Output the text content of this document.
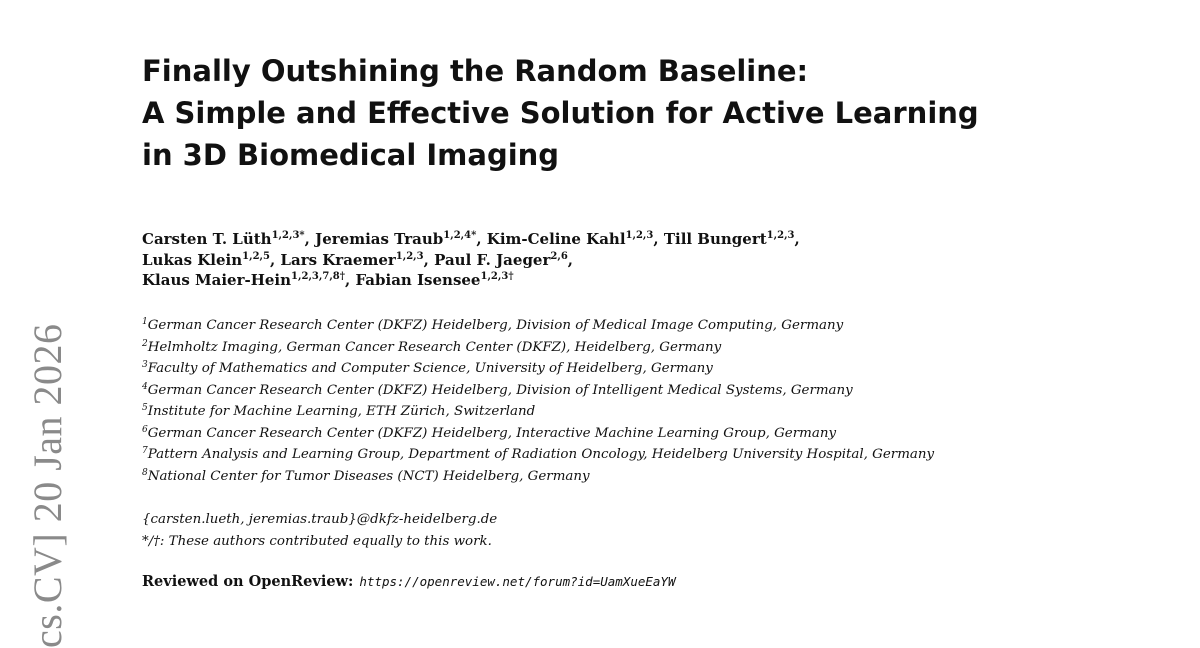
cs.CV] 20 Jan 2026
Finally Outshining the Random Baseline:
A Simple and Effective Solution for Active Learning
in 3D Biomedical Imaging
Carsten T. Lüth$^{1,2,3*}$, Jeremias Traub$^{1,2,4*}$, Kim-Celine Kahl$^{1,2,3}$, Till Bungert$^{1,2,3}$,
Lukas Klein$^{1,2,5}$, Lars Kraemer$^{1,2,3}$, Paul F. Jaeger$^{2,6}$,
Klaus Maier-Hein$^{1,2,3,7,8\dagger}$, Fabian Isensee$^{1,2,3\dagger}$
$^1$German Cancer Research Center (DKFZ) Heidelberg, Division of Medical Image Computing, Germany
$^2$Helmholtz Imaging, German Cancer Research Center (DKFZ), Heidelberg, Germany
$^3$Faculty of Mathematics and Computer Science, University of Heidelberg, Germany
$^4$German Cancer Research Center (DKFZ) Heidelberg, Division of Intelligent Medical Systems, Germany
$^5$Institute for Machine Learning, ETH Zürich, Switzerland
$^6$German Cancer Research Center (DKFZ) Heidelberg, Interactive Machine Learning Group, Germany
$^7$Pattern Analysis and Learning Group, Department of Radiation Oncology, Heidelberg University Hospital, Germany
$^8$National Center for Tumor Diseases (NCT) Heidelberg, Germany
{carsten.lueth, jeremias.traub}@dkfz-heidelberg.de
*/†: These authors contributed equally to this work.
Reviewed on OpenReview: https://openreview.net/forum?id=UamXueEaYW
